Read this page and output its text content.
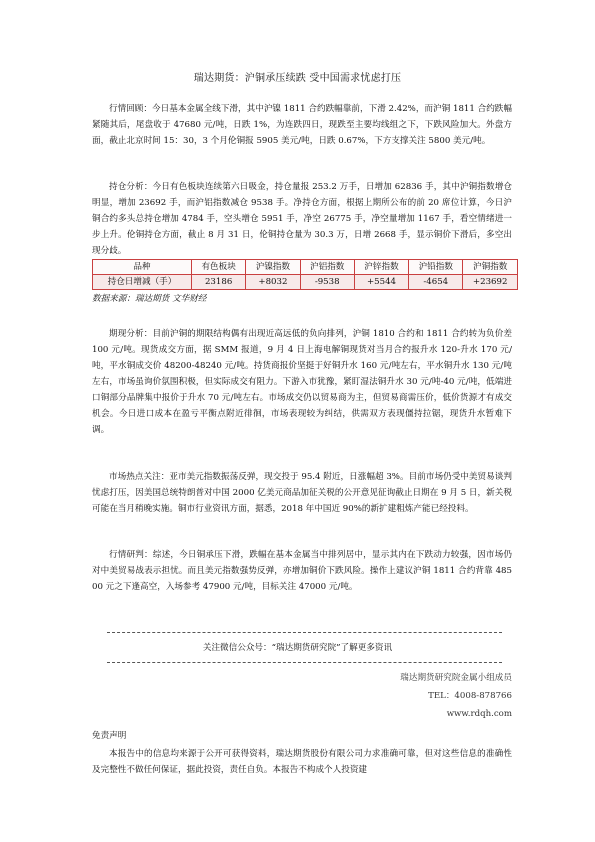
瑞达期货：沪铜承压续跌 受中国需求忧虑打压

行情回顾：今日基本金属全线下滑，其中沪镍 1811 合约跌幅靠前，下滑 2.42%，而沪铜 1811 合约跌幅紧随其后，尾盘收于 47680 元/吨，日跌 1%，为连跌四日，现跌至主要均线组之下，下跌风险加大。外盘方面，截止北京时间 15：30，3 个月伦铜报 5905 美元/吨，日跌 0.67%，下方支撑关注 5800 美元/吨。

持仓分析：今日有色板块连续第六日吸金，持仓量报 253.2 万手，日增加 62836 手，其中沪铜指数增仓明显，增加 23692 手，而沪铝指数减仓 9538 手。净持仓方面，根据上期所公布的前 20 席位计算，今日沪铜合约多头总持仓增加 4784 手，空头增仓 5951 手，净空 26775 手，净空量增加 1167 手，看空情绪进一步上升。伦铜持仓方面，截止 8 月 31 日，伦铜持仓量为 30.3 万，日增 2668 手，显示铜价下滑后，多空出现分歧。

品种	有色板块	沪镍指数	沪铝指数	沪锌指数	沪铅指数	沪铜指数
持仓日增减（手）	23186	+8032	-9538	+5544	-4654	+23692
数据来源：瑞达期货 文华财经

期现分析：目前沪铜的期限结构偶有出现近高远低的负向排列，沪铜 1810 合约和 1811 合约转为负价差 100 元/吨。现货成交方面，据 SMM 报道，9 月 4 日上海电解铜现货对当月合约报升水 120-升水 170 元/吨，平水铜成交价 48200-48240 元/吨。持货商报价坚挺于好铜升水 160 元/吨左右，平水铜升水 130 元/吨左右，市场虽询价氛围积极，但实际成交有阻力。下游入市犹豫，紧盯湿法铜升水 30 元/吨-40 元/吨，低端进口铜部分品牌集中报价于升水 70 元/吨左右。市场成交仍以贸易商为主，但贸易商需压价，低价货源才有成交机会。今日进口成本在盈亏平衡点附近徘徊，市场表现较为纠结，供需双方表现僵持拉锯，现货升水暂难下调。

市场热点关注：亚市美元指数振荡反弹，现交投于 95.4 附近，日涨幅超 3%。目前市场仍受中美贸易谈判忧虑打压，因美国总统特朗普对中国 2000 亿美元商品加征关税的公开意见征询截止日期在 9 月 5 日，新关税可能在当月稍晚实施。铜市行业资讯方面，据悉，2018 年中国近 90%的新扩建粗炼产能已经投料。

行情研判：综述，今日铜承压下滑，跌幅在基本金属当中排列居中，显示其内在下跌动力较强，因市场仍对中美贸易战表示担忧。而且美元指数强势反弹，亦增加铜价下跌风险。操作上建议沪铜 1811 合约背靠 48500 元之下逢高空，入场参考 47900 元/吨，目标关注 47000 元/吨。

关注微信公众号：“瑞达期货研究院”了解更多资讯
瑞达期货研究院金属小组成员
TEL：4008-878766
www.rdqh.com
免责声明

本报告中的信息均来源于公开可获得资料，瑞达期货股份有限公司力求准确可靠，但对这些信息的准确性及完整性不做任何保证，据此投资，责任自负。本报告不构成个人投资建
